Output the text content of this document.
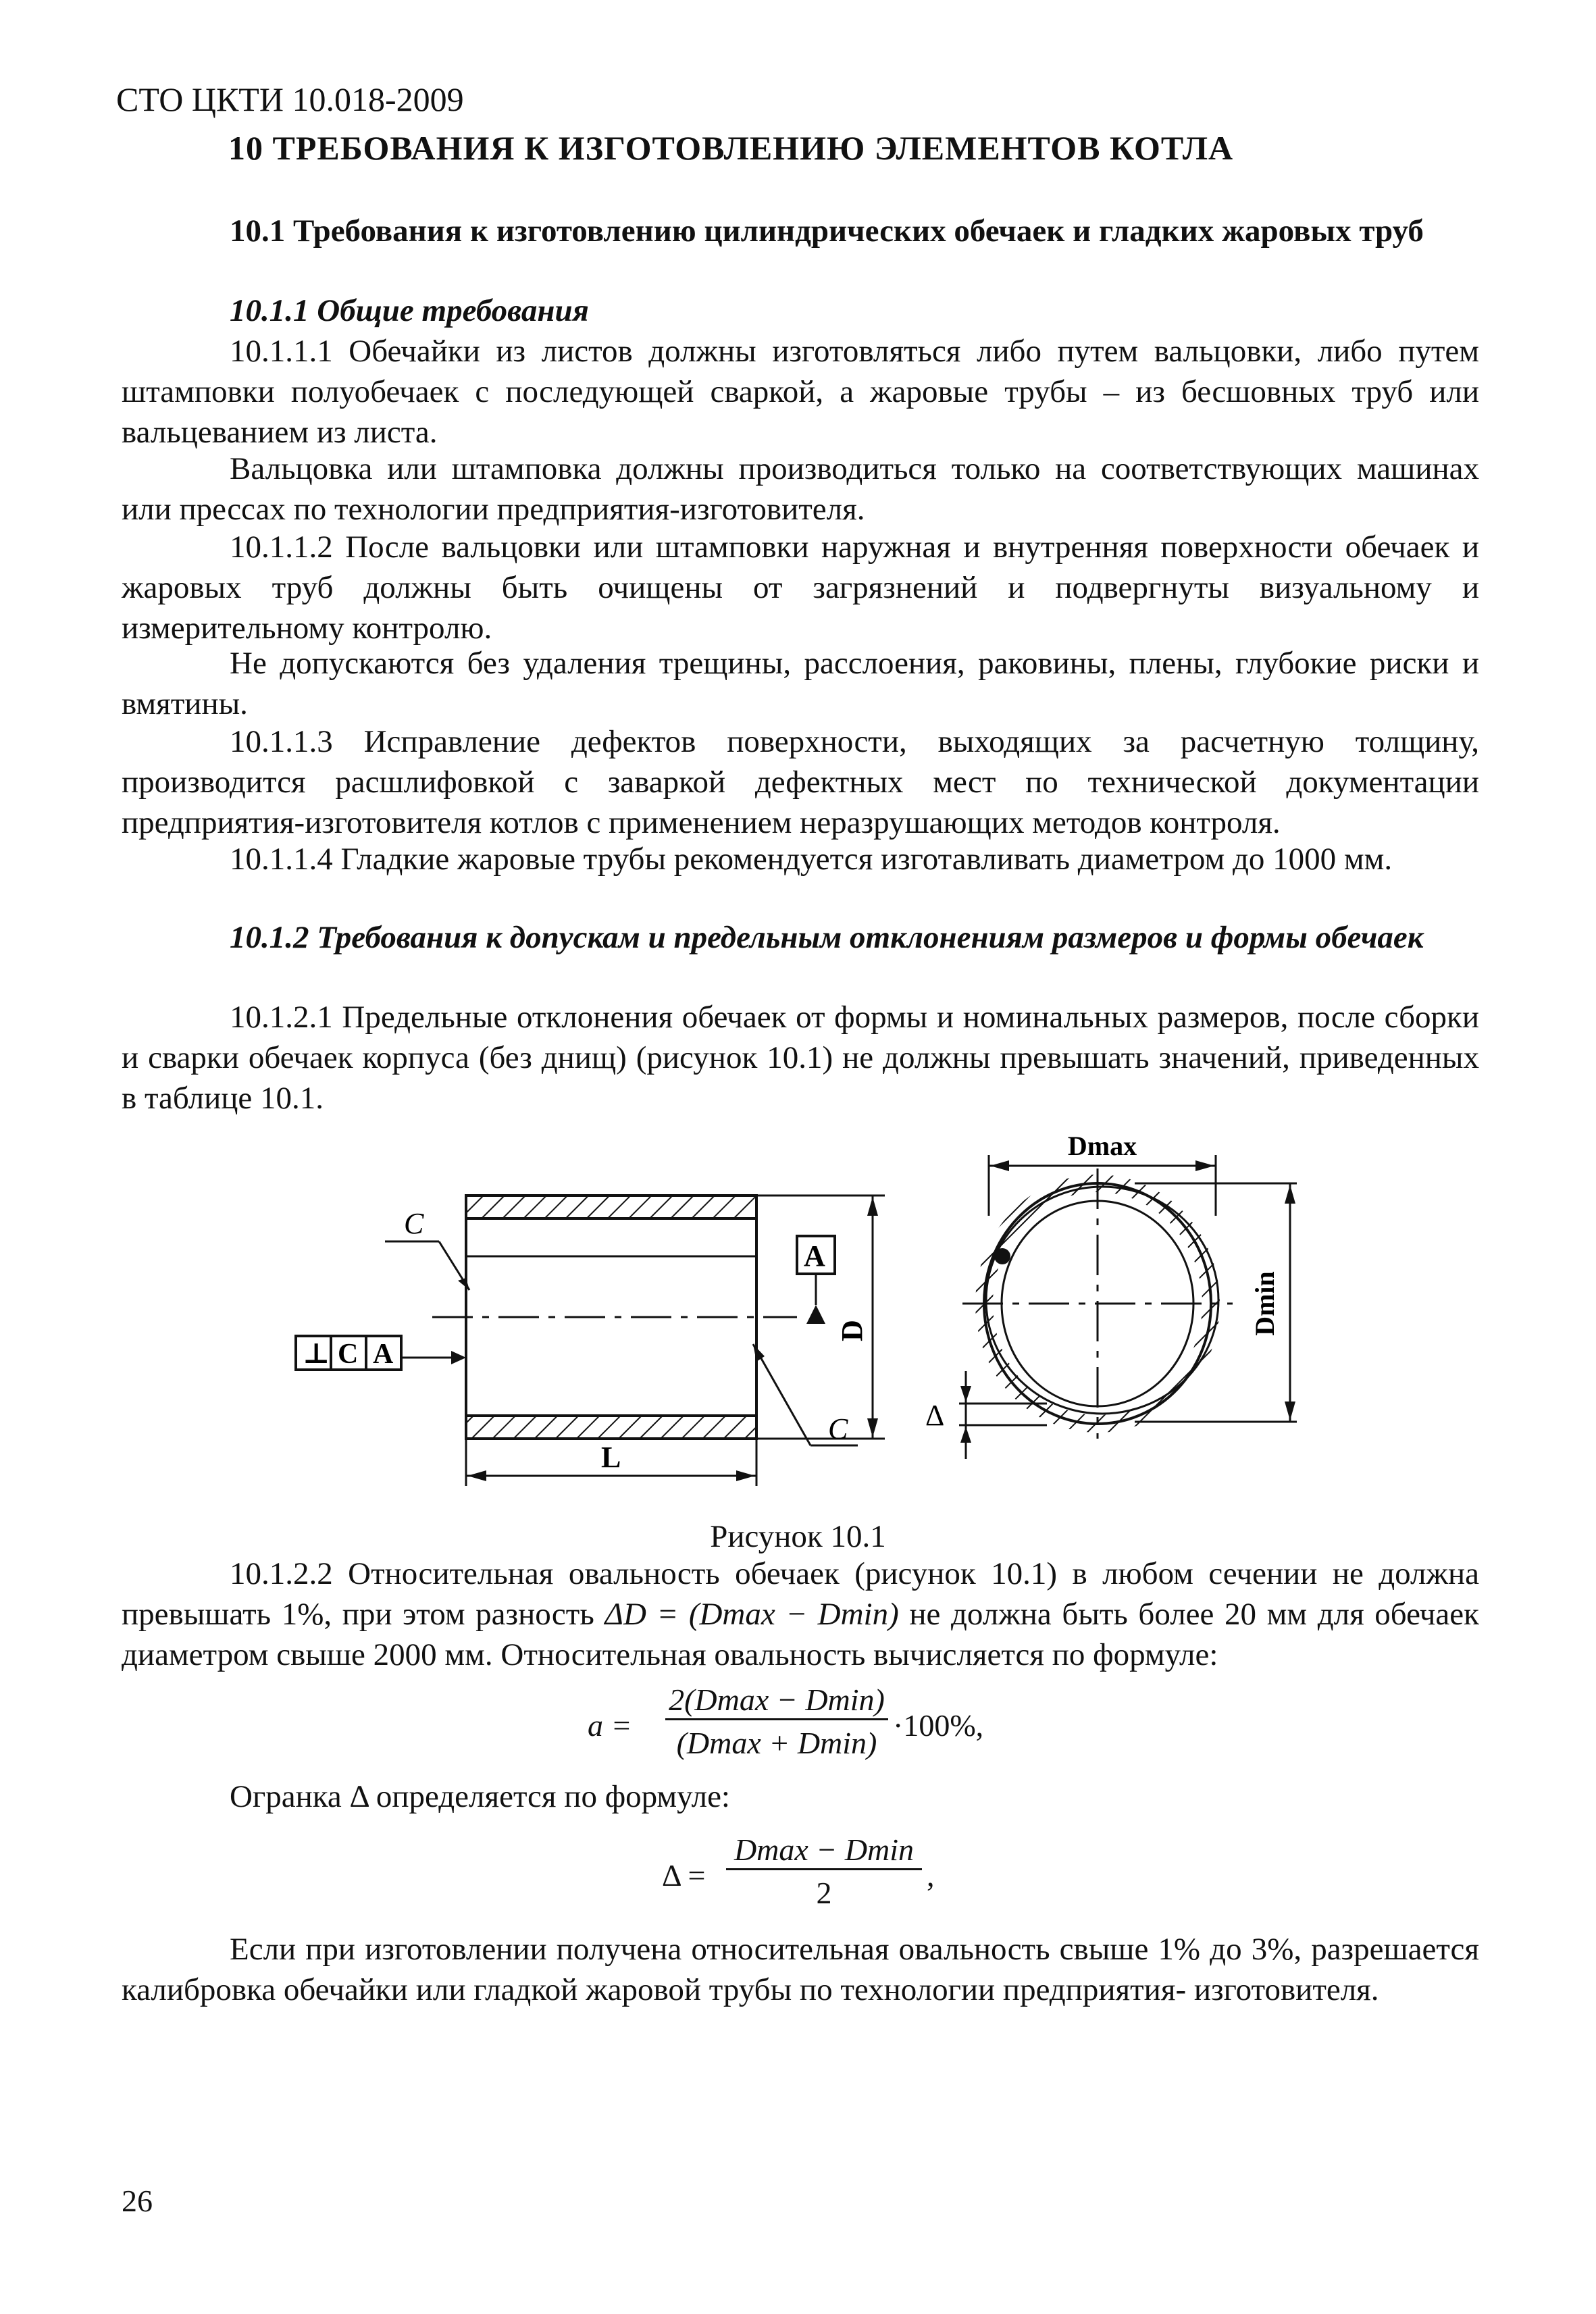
СТО ЦКТИ 10.018-2009
10 ТРЕБОВАНИЯ К ИЗГОТОВЛЕНИЮ ЭЛЕМЕНТОВ КОТЛА
10.1 Требования к изготовлению цилиндрических обечаек и гладких жаровых труб
10.1.1 Общие требования
10.1.1.1 Обечайки из листов должны изготовляться либо путем вальцовки, либо путем штамповки полуобечаек с последующей сваркой, а жаровые трубы – из бесшовных труб или вальцеванием из листа.
Вальцовка или штамповка должны производиться только на соответствующих машинах или прессах по технологии предприятия-изготовителя.
10.1.1.2 После вальцовки или штамповки наружная и внутренняя поверхности обечаек и жаровых труб должны быть очищены от загрязнений и подвергнуты визуальному и измерительному контролю.
Не допускаются без удаления трещины, расслоения, раковины, плены, глубокие риски и вмятины.
10.1.1.3 Исправление дефектов поверхности, выходящих за расчетную толщину, производится расшлифовкой с заваркой дефектных мест по технической документации предприятия-изготовителя котлов с применением неразрушающих методов контроля.
10.1.1.4 Гладкие жаровые трубы рекомендуется изготавливать диаметром до 1000 мм.
10.1.2 Требования к допускам и предельным отклонениям размеров и формы обечаек
10.1.2.1 Предельные отклонения обечаек от формы и номинальных размеров, после сборки и сварки обечаек корпуса (без днищ) (рисунок 10.1) не должны превышать значений, приведенных в таблице 10.1.
C
⊥ C A
A
D
L
C
Dmax
Dmin
Δ
Рисунок 10.1
10.1.2.2 Относительная овальность обечаек (рисунок 10.1) в любом сечении не должна превышать 1%, при этом разность ΔD = (Dmax − Dmin) не должна быть более 20 мм для обечаек диаметром свыше 2000 мм. Относительная овальность вычисляется по формуле:
a =
2(Dmax − Dmin)
(Dmax + Dmin)
·100%,
Огранка Δ определяется по формуле:
Δ =
Dmax − Dmin
2
,
Если при изготовлении получена относительная овальность свыше 1% до 3%, разрешается калибровка обечайки или гладкой жаровой трубы по технологии предприятия- изготовителя.
26
